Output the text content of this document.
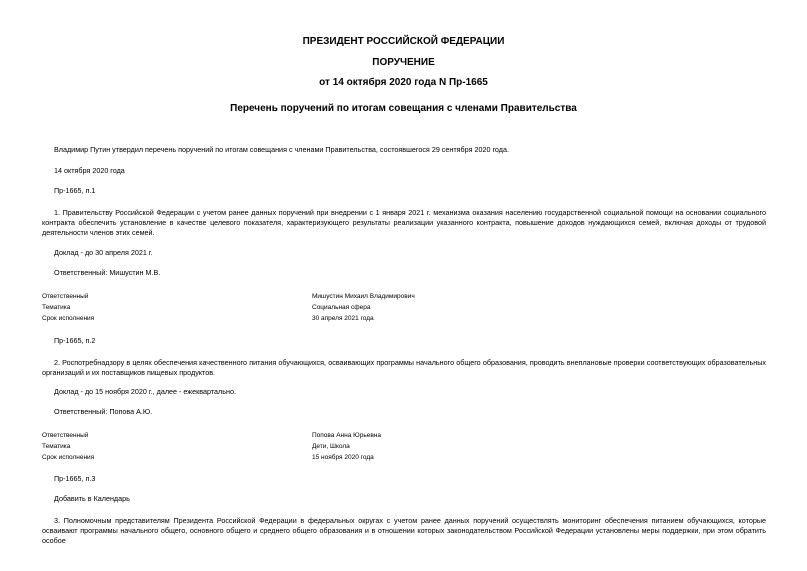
ПРЕЗИДЕНТ РОССИЙСКОЙ ФЕДЕРАЦИИ
ПОРУЧЕНИЕ
от 14 октября 2020 года N Пр-1665
Перечень поручений по итогам совещания с членами Правительства
Владимир Путин утвердил перечень поручений по итогам совещания с членами Правительства, состоявшегося 29 сентября 2020 года.
14 октября 2020 года
Пр-1665, п.1
1. Правительству Российской Федерации с учетом ранее данных поручений при внедрении с 1 января 2021 г. механизма оказания населению государственной социальной помощи на основании социального контракта обеспечить установление в качестве целевого показателя, характеризующего результаты реализации указанного контракта, повышение доходов нуждающихся семей, включая доходы от трудовой деятельности членов этих семей.
Доклад - до 30 апреля 2021 г.
Ответственный: Мишустин М.В.
Ответственный	Мишустин Михаил Владимирович
Тематика	Социальная сфера
Срок исполнения	30 апреля 2021 года
Пр-1665, п.2
2. Роспотребнадзору в целях обеспечения качественного питания обучающихся, осваивающих программы начального общего образования, проводить внеплановые проверки соответствующих образовательных организаций и их поставщиков пищевых продуктов.
Доклад - до 15 ноября 2020 г., далее - ежеквартально.
Ответственный: Попова А.Ю.
Ответственный	Попова Анна Юрьевна
Тематика	Дети, Школа
Срок исполнения	15 ноября 2020 года
Пр-1665, п.3
Добавить в Календарь
3. Полномочным представителям Президента Российской Федерации в федеральных округах с учетом ранее данных поручений осуществлять мониторинг обеспечения питанием обучающихся, которые осваивают программы начального общего, основного общего и среднего общего образования и в отношении которых законодательством Российской Федерации установлены меры поддержки, при этом обратить особое
